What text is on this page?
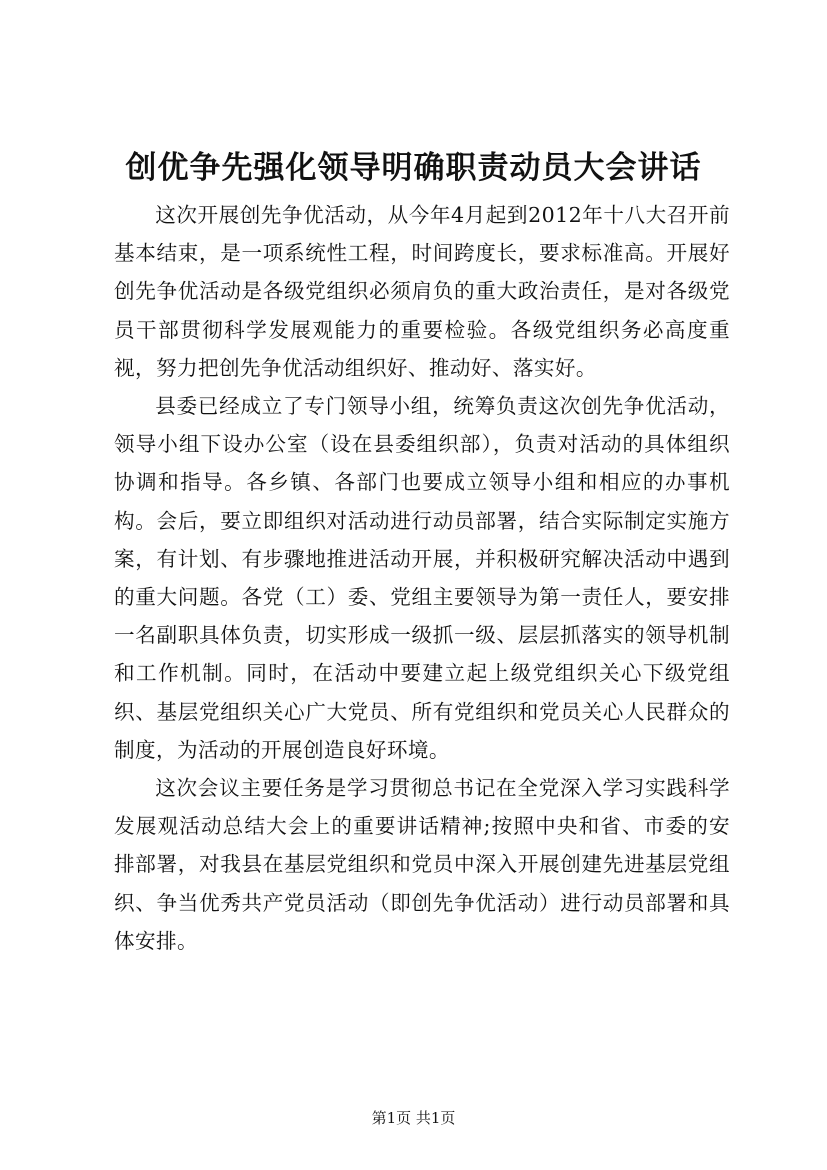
创优争先强化领导明确职责动员大会讲话

这次开展创先争优活动，从今年4月起到2012年十八大召开前基本结束，是一项系统性工程，时间跨度长，要求标准高。开展好创先争优活动是各级党组织必须肩负的重大政治责任，是对各级党员干部贯彻科学发展观能力的重要检验。各级党组织务必高度重视，努力把创先争优活动组织好、推动好、落实好。

县委已经成立了专门领导小组，统筹负责这次创先争优活动，领导小组下设办公室（设在县委组织部），负责对活动的具体组织协调和指导。各乡镇、各部门也要成立领导小组和相应的办事机构。会后，要立即组织对活动进行动员部署，结合实际制定实施方案，有计划、有步骤地推进活动开展，并积极研究解决活动中遇到的重大问题。各党（工）委、党组主要领导为第一责任人，要安排一名副职具体负责，切实形成一级抓一级、层层抓落实的领导机制和工作机制。同时，在活动中要建立起上级党组织关心下级党组织、基层党组织关心广大党员、所有党组织和党员关心人民群众的制度，为活动的开展创造良好环境。

这次会议主要任务是学习贯彻总书记在全党深入学习实践科学发展观活动总结大会上的重要讲话精神;按照中央和省、市委的安排部署，对我县在基层党组织和党员中深入开展创建先进基层党组织、争当优秀共产党员活动（即创先争优活动）进行动员部署和具体安排。

第1页 共1页
